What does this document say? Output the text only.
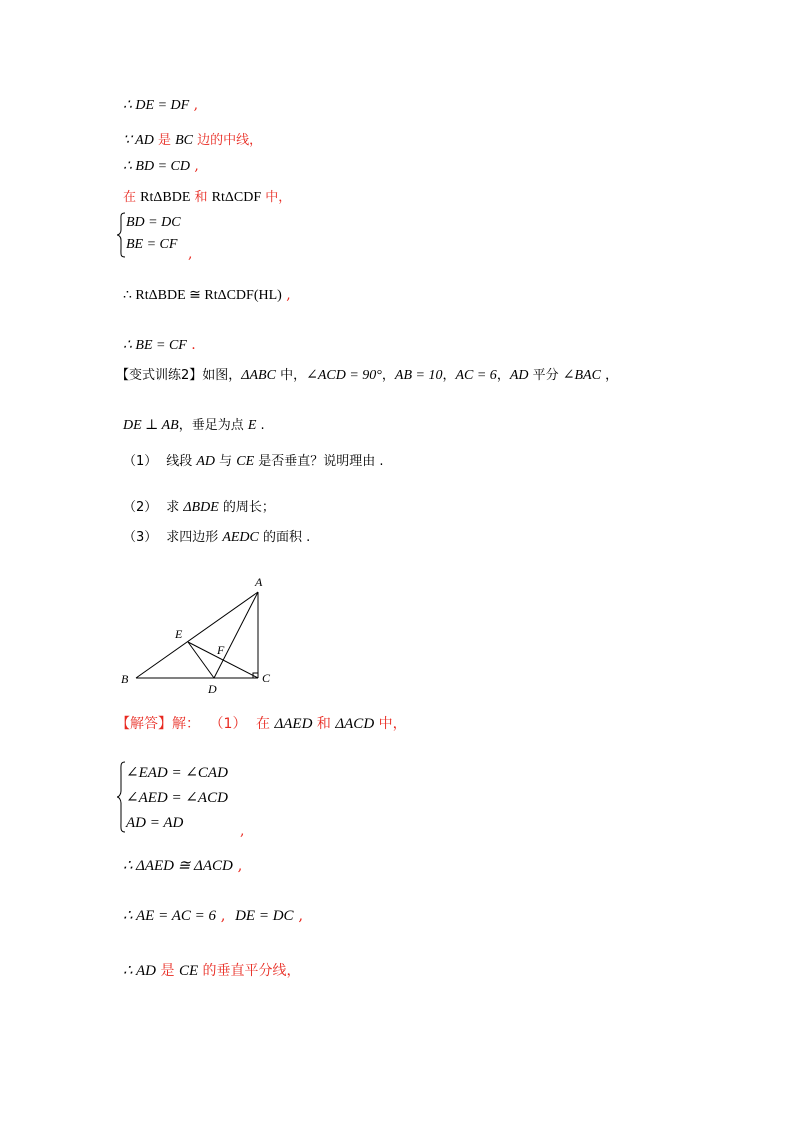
∴ DE = DF ,
∵ AD 是 BC 边的中线，
∴ BD = CD ,
在 RtΔBDE 和 RtΔCDF 中，
BD = DC
BE = CF
,
∴ RtΔBDE ≅ RtΔCDF(HL) ,
∴ BE = CF .
【变式训练2】如图，ΔABC 中，∠ACD = 90°，AB = 10，AC = 6，AD 平分 ∠BAC ，
DE ⊥ AB，垂足为点 E .
（1） 线段 AD 与 CE 是否垂直？说明理由 .
（2） 求 ΔBDE 的周长；
（3） 求四边形 AEDC 的面积 .
A
B	C
D
E
F
【解答】解： （1） 在 ΔAED 和 ΔACD 中，
∠EAD = ∠CAD
∠AED = ∠ACD
AD = AD	,
∴ ΔAED ≅ ΔACD ,
∴ AE = AC = 6 , DE = DC ,
∴ AD 是 CE 的垂直平分线，
